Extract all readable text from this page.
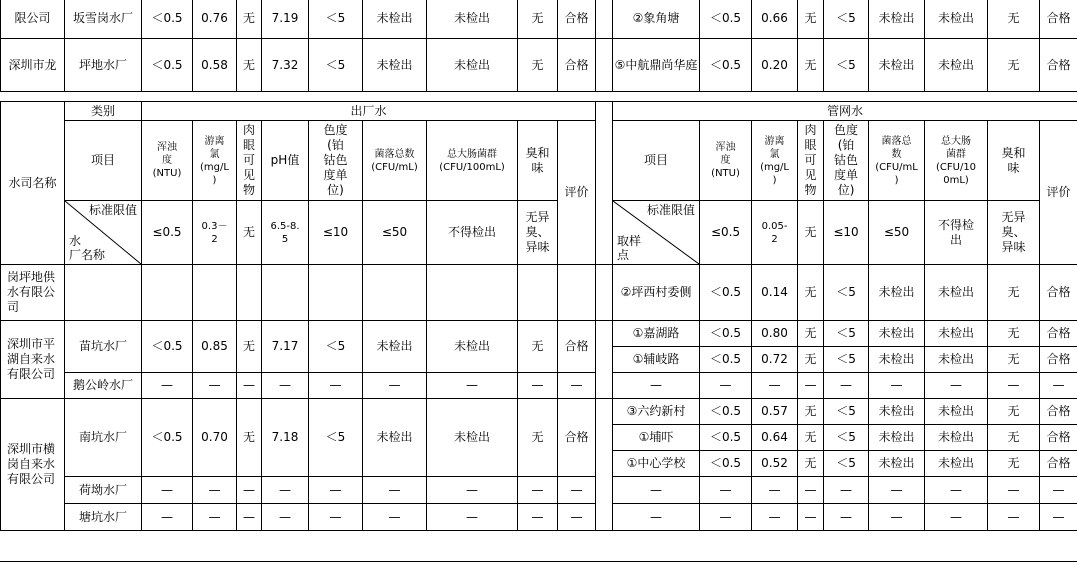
限公司	坂雪岗水厂	＜0.5	0.76	无	7.19	＜5	未检出	未检出	无	合格		②象角塘	＜0.5	0.66	无	＜5	未检出	未检出	无	合格
深圳市龙	坪地水厂	＜0.5	0.58	无	7.32	＜5	未检出	未检出	无	合格		⑤中航鼎尚华庭	＜0.5	0.20	无	＜5	未检出	未检出	无	合格
水司名称	类别	出厂水										管网水								
	项目	浑浊
度
(NTU)	游离
氯
(mg/L
)	肉
眼
可
见
物	pH值	色度
(铂
钴色
度单
位)	菌落总数
(CFU/mL)	总大肠菌群
(CFU/100mL)	臭和
味	评价		项目	浑浊
度
(NTU)	游离
氯
(mg/L
)	肉
眼
可
见
物	色度
(铂
钴色
度单
位)	菌落总
数
(CFU/mL
)	总大肠
菌群
(CFU/10
0mL)	臭和
味	评价

	标准限值
水
厂名称	≤0.5	0.3－
2	无	6.5-8.
5	≤10	≤50	不得检出	无异
臭、
异味			标准限值
取样
点	≤0.5	0.05-
2	无	≤10	≤50	不得检
出	无异
臭、
异味	
岗坪地供
水有限公
司												②坪西村委侧	＜0.5	0.14	无	＜5	未检出	未检出	无	合格
深圳市平
湖自来水
有限公司	苗坑水厂	＜0.5	0.85	无	7.17	＜5	未检出	未检出	无	合格		①嘉湖路	＜0.5	0.80	无	＜5	未检出	未检出	无	合格
												①辅岐路	＜0.5	0.72	无	＜5	未检出	未检出	无	合格
	鹅公岭水厂	—	—	—	—	—	—	—	—	—		—	—	—	—	—	—	—	—	—
深圳市横
岗自来水
有限公司	南坑水厂	＜0.5	0.70	无	7.18	＜5	未检出	未检出	无	合格		③六约新村	＜0.5	0.57	无	＜5	未检出	未检出	无	合格
												①埔吓	＜0.5	0.64	无	＜5	未检出	未检出	无	合格
												①中心学校	＜0.5	0.52	无	＜5	未检出	未检出	无	合格
	荷坳水厂	—	—	—	—	—	—	—	—	—		—	—	—	—	—	—	—	—	—
	塘坑水厂	—	—	—	—	—	—	—	—	—		—	—	—	—	—	—	—	—	—
